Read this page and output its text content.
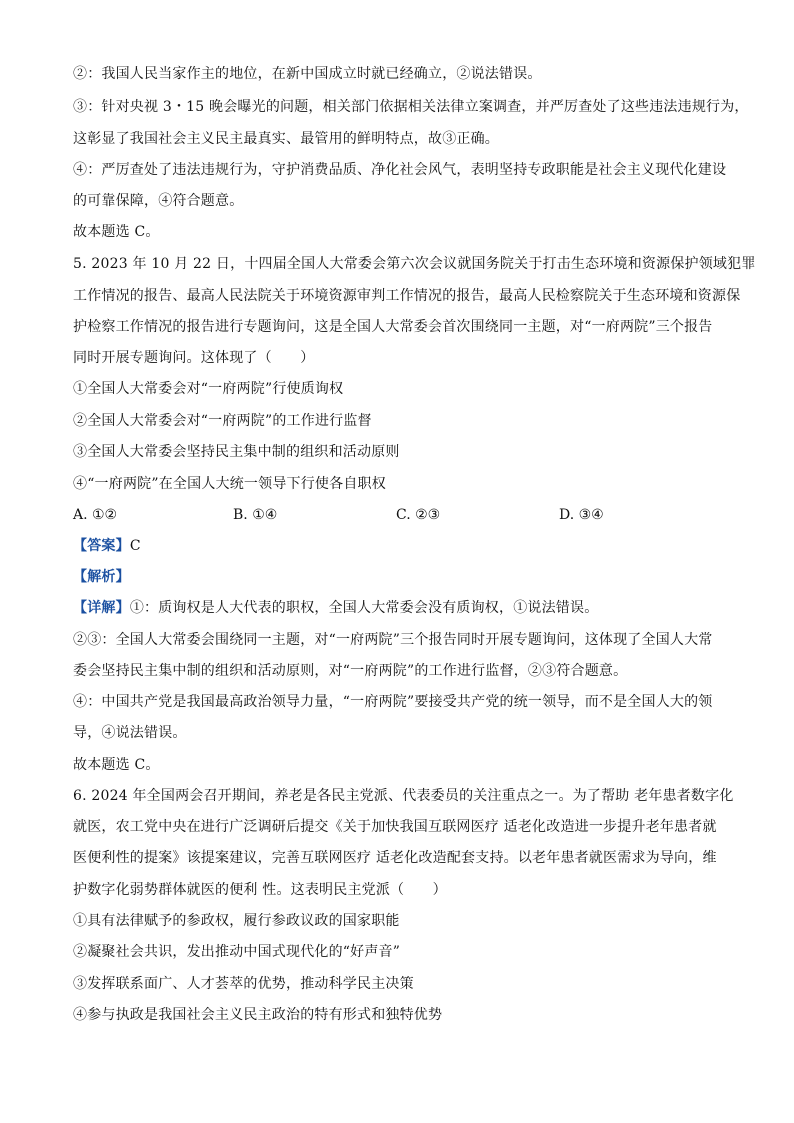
②：我国人民当家作主的地位，在新中国成立时就已经确立，②说法错误。
③：针对央视 3・15 晚会曝光的问题，相关部门依据相关法律立案调查，并严厉查处了这些违法违规行为，
这彰显了我国社会主义民主最真实、最管用的鲜明特点，故③正确。
④：严厉查处了违法违规行为，守护消费品质、净化社会风气，表明坚持专政职能是社会主义现代化建设
的可靠保障，④符合题意。
故本题选 C。
5. 2023 年 10 月 22 日，十四届全国人大常委会第六次会议就国务院关于打击生态环境和资源保护领域犯罪
工作情况的报告、最高人民法院关于环境资源审判工作情况的报告，最高人民检察院关于生态环境和资源保
护检察工作情况的报告进行专题询问，这是全国人大常委会首次围绕同一主题，对“一府两院”三个报告
同时开展专题询问。这体现了（　　）
①全国人大常委会对“一府两院”行使质询权
②全国人大常委会对“一府两院”的工作进行监督
③全国人大常委会坚持民主集中制的组织和活动原则
④“一府两院”在全国人大统一领导下行使各自职权
A. ①②	B. ①④	C. ②③	D. ③④
【答案】C
【解析】
【详解】①：质询权是人大代表的职权，全国人大常委会没有质询权，①说法错误。
②③：全国人大常委会围绕同一主题，对“一府两院”三个报告同时开展专题询问，这体现了全国人大常
委会坚持民主集中制的组织和活动原则，对“一府两院”的工作进行监督，②③符合题意。
④：中国共产党是我国最高政治领导力量，“一府两院”要接受共产党的统一领导，而不是全国人大的领
导，④说法错误。
故本题选 C。
6. 2024 年全国两会召开期间，养老是各民主党派、代表委员的关注重点之一。为了帮助 老年患者数字化
就医，农工党中央在进行广泛调研后提交《关于加快我国互联网医疗 适老化改造进一步提升老年患者就
医便利性的提案》该提案建议，完善互联网医疗 适老化改造配套支持。以老年患者就医需求为导向，维
护数字化弱势群体就医的便利 性。这表明民主党派（　　）
①具有法律赋予的参政权，履行参政议政的国家职能
②凝聚社会共识，发出推动中国式现代化的“好声音”
③发挥联系面广、人才荟萃的优势，推动科学民主决策
④参与执政是我国社会主义民主政治的特有形式和独特优势
